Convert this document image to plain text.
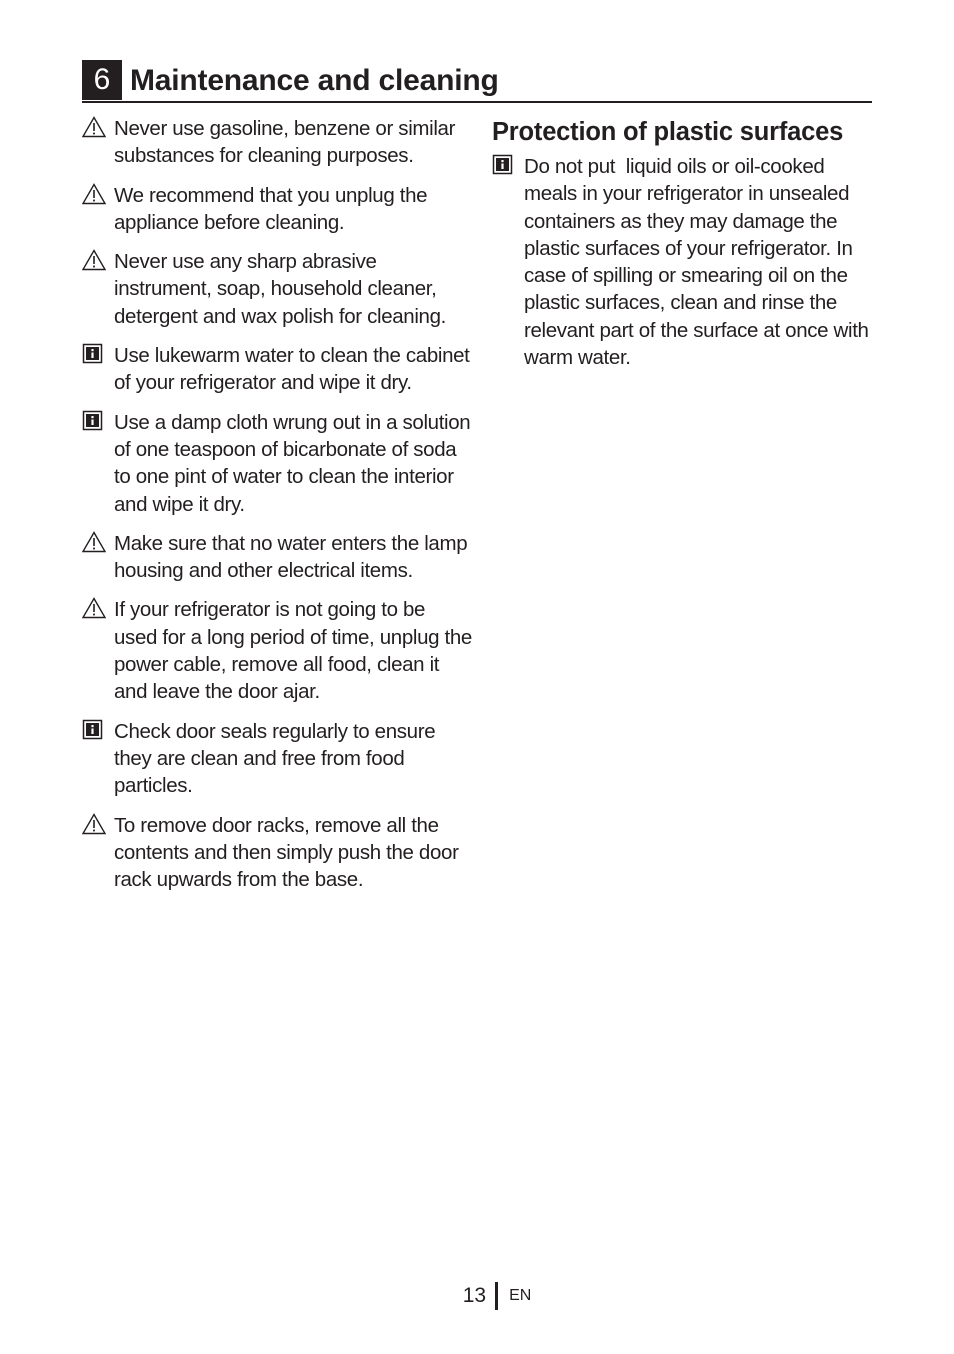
6 Maintenance and cleaning
Never use gasoline, benzene or similar substances for cleaning purposes.
We recommend that you unplug the appliance before cleaning.
Never use any sharp abrasive instrument, soap, household cleaner, detergent and wax polish for cleaning.
Use lukewarm water to clean the cabinet of your refrigerator and wipe it dry.
Use a damp cloth wrung out in a solution of one teaspoon of bicarbonate of soda to one pint of water to clean the interior and wipe it dry.
Make sure that no water enters the lamp housing and other electrical items.
If your refrigerator is not going to be used for a long period of time, unplug the power cable, remove all food, clean it and leave the door ajar.
Check door seals regularly to ensure they are clean and free from food particles.
To remove door racks, remove all the contents and then simply push the door rack upwards from the base.
Protection of plastic surfaces
Do not put  liquid oils or oil-cooked meals in your refrigerator in unsealed containers as they may damage the plastic surfaces of your refrigerator. In case of spilling or smearing oil on the plastic surfaces, clean and rinse the relevant part of the surface at once with warm water.
13 EN
